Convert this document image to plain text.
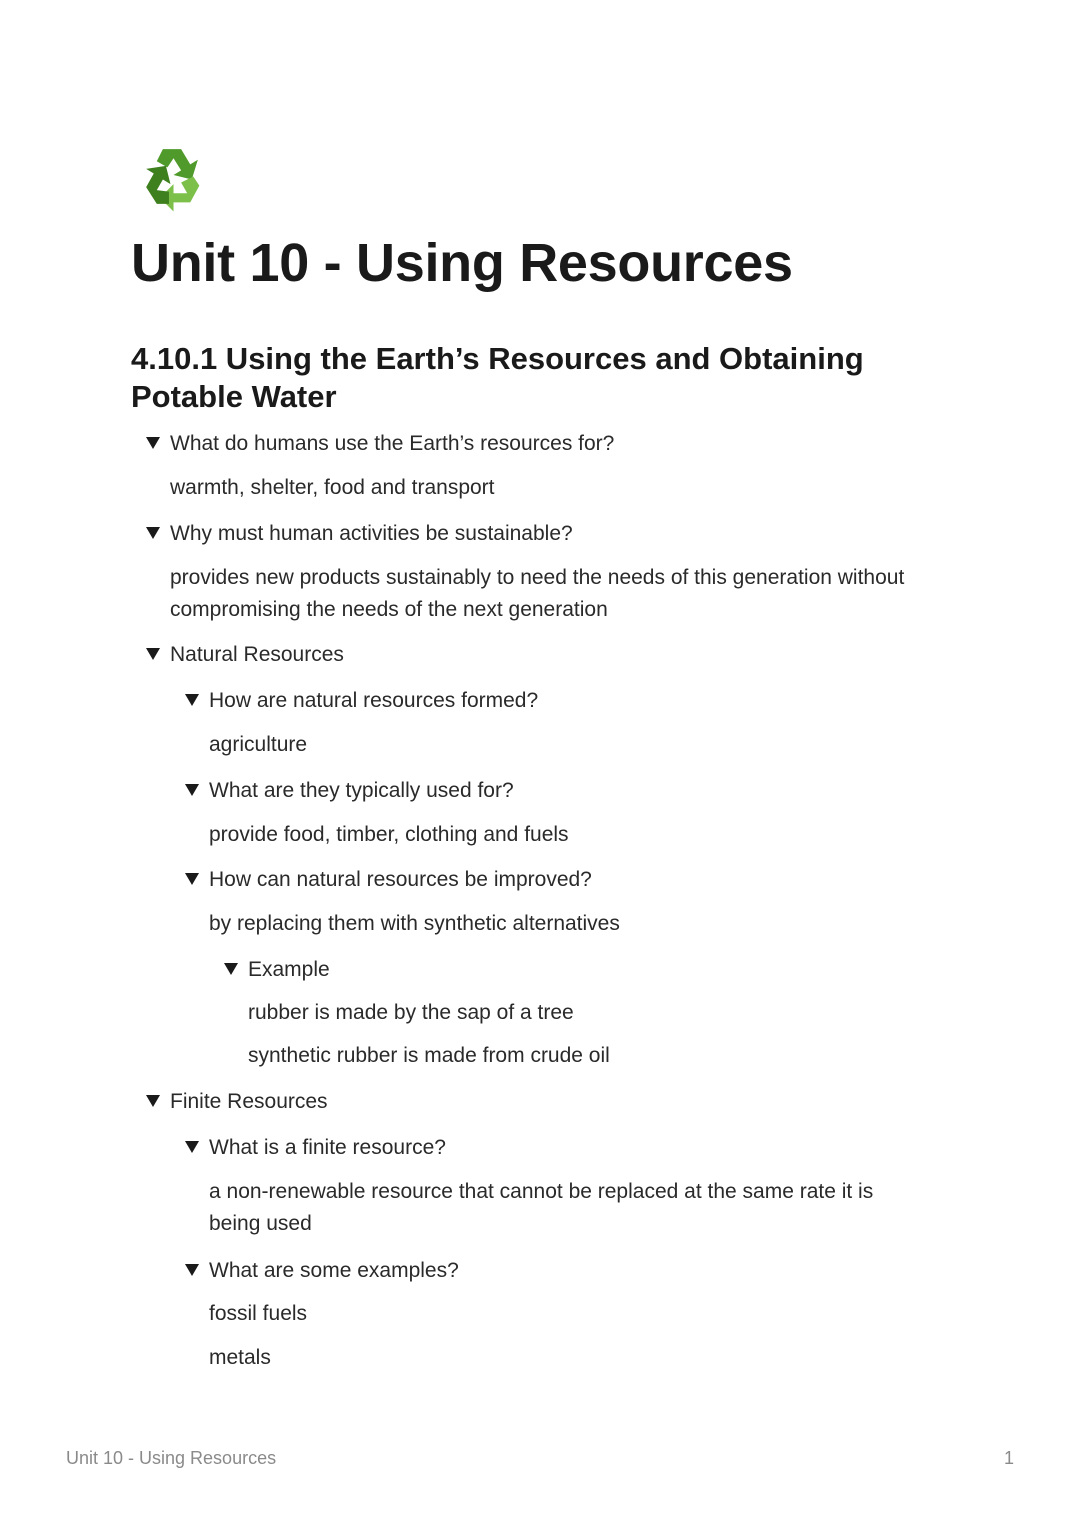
Unit 10 - Using Resources
4.10.1 Using the Earth’s Resources and Obtaining Potable Water
What do humans use the Earth’s resources for?
warmth, shelter, food and transport
Why must human activities be sustainable?
provides new products sustainably to need the needs of this generation without compromising the needs of the next generation
Natural Resources
How are natural resources formed?
agriculture
What are they typically used for?
provide food, timber, clothing and fuels
How can natural resources be improved?
by replacing them with synthetic alternatives
Example
rubber is made by the sap of a tree
synthetic rubber is made from crude oil
Finite Resources
What is a finite resource?
a non-renewable resource that cannot be replaced at the same rate it is being used
What are some examples?
fossil fuels
metals
Unit 10 - Using Resources	1
